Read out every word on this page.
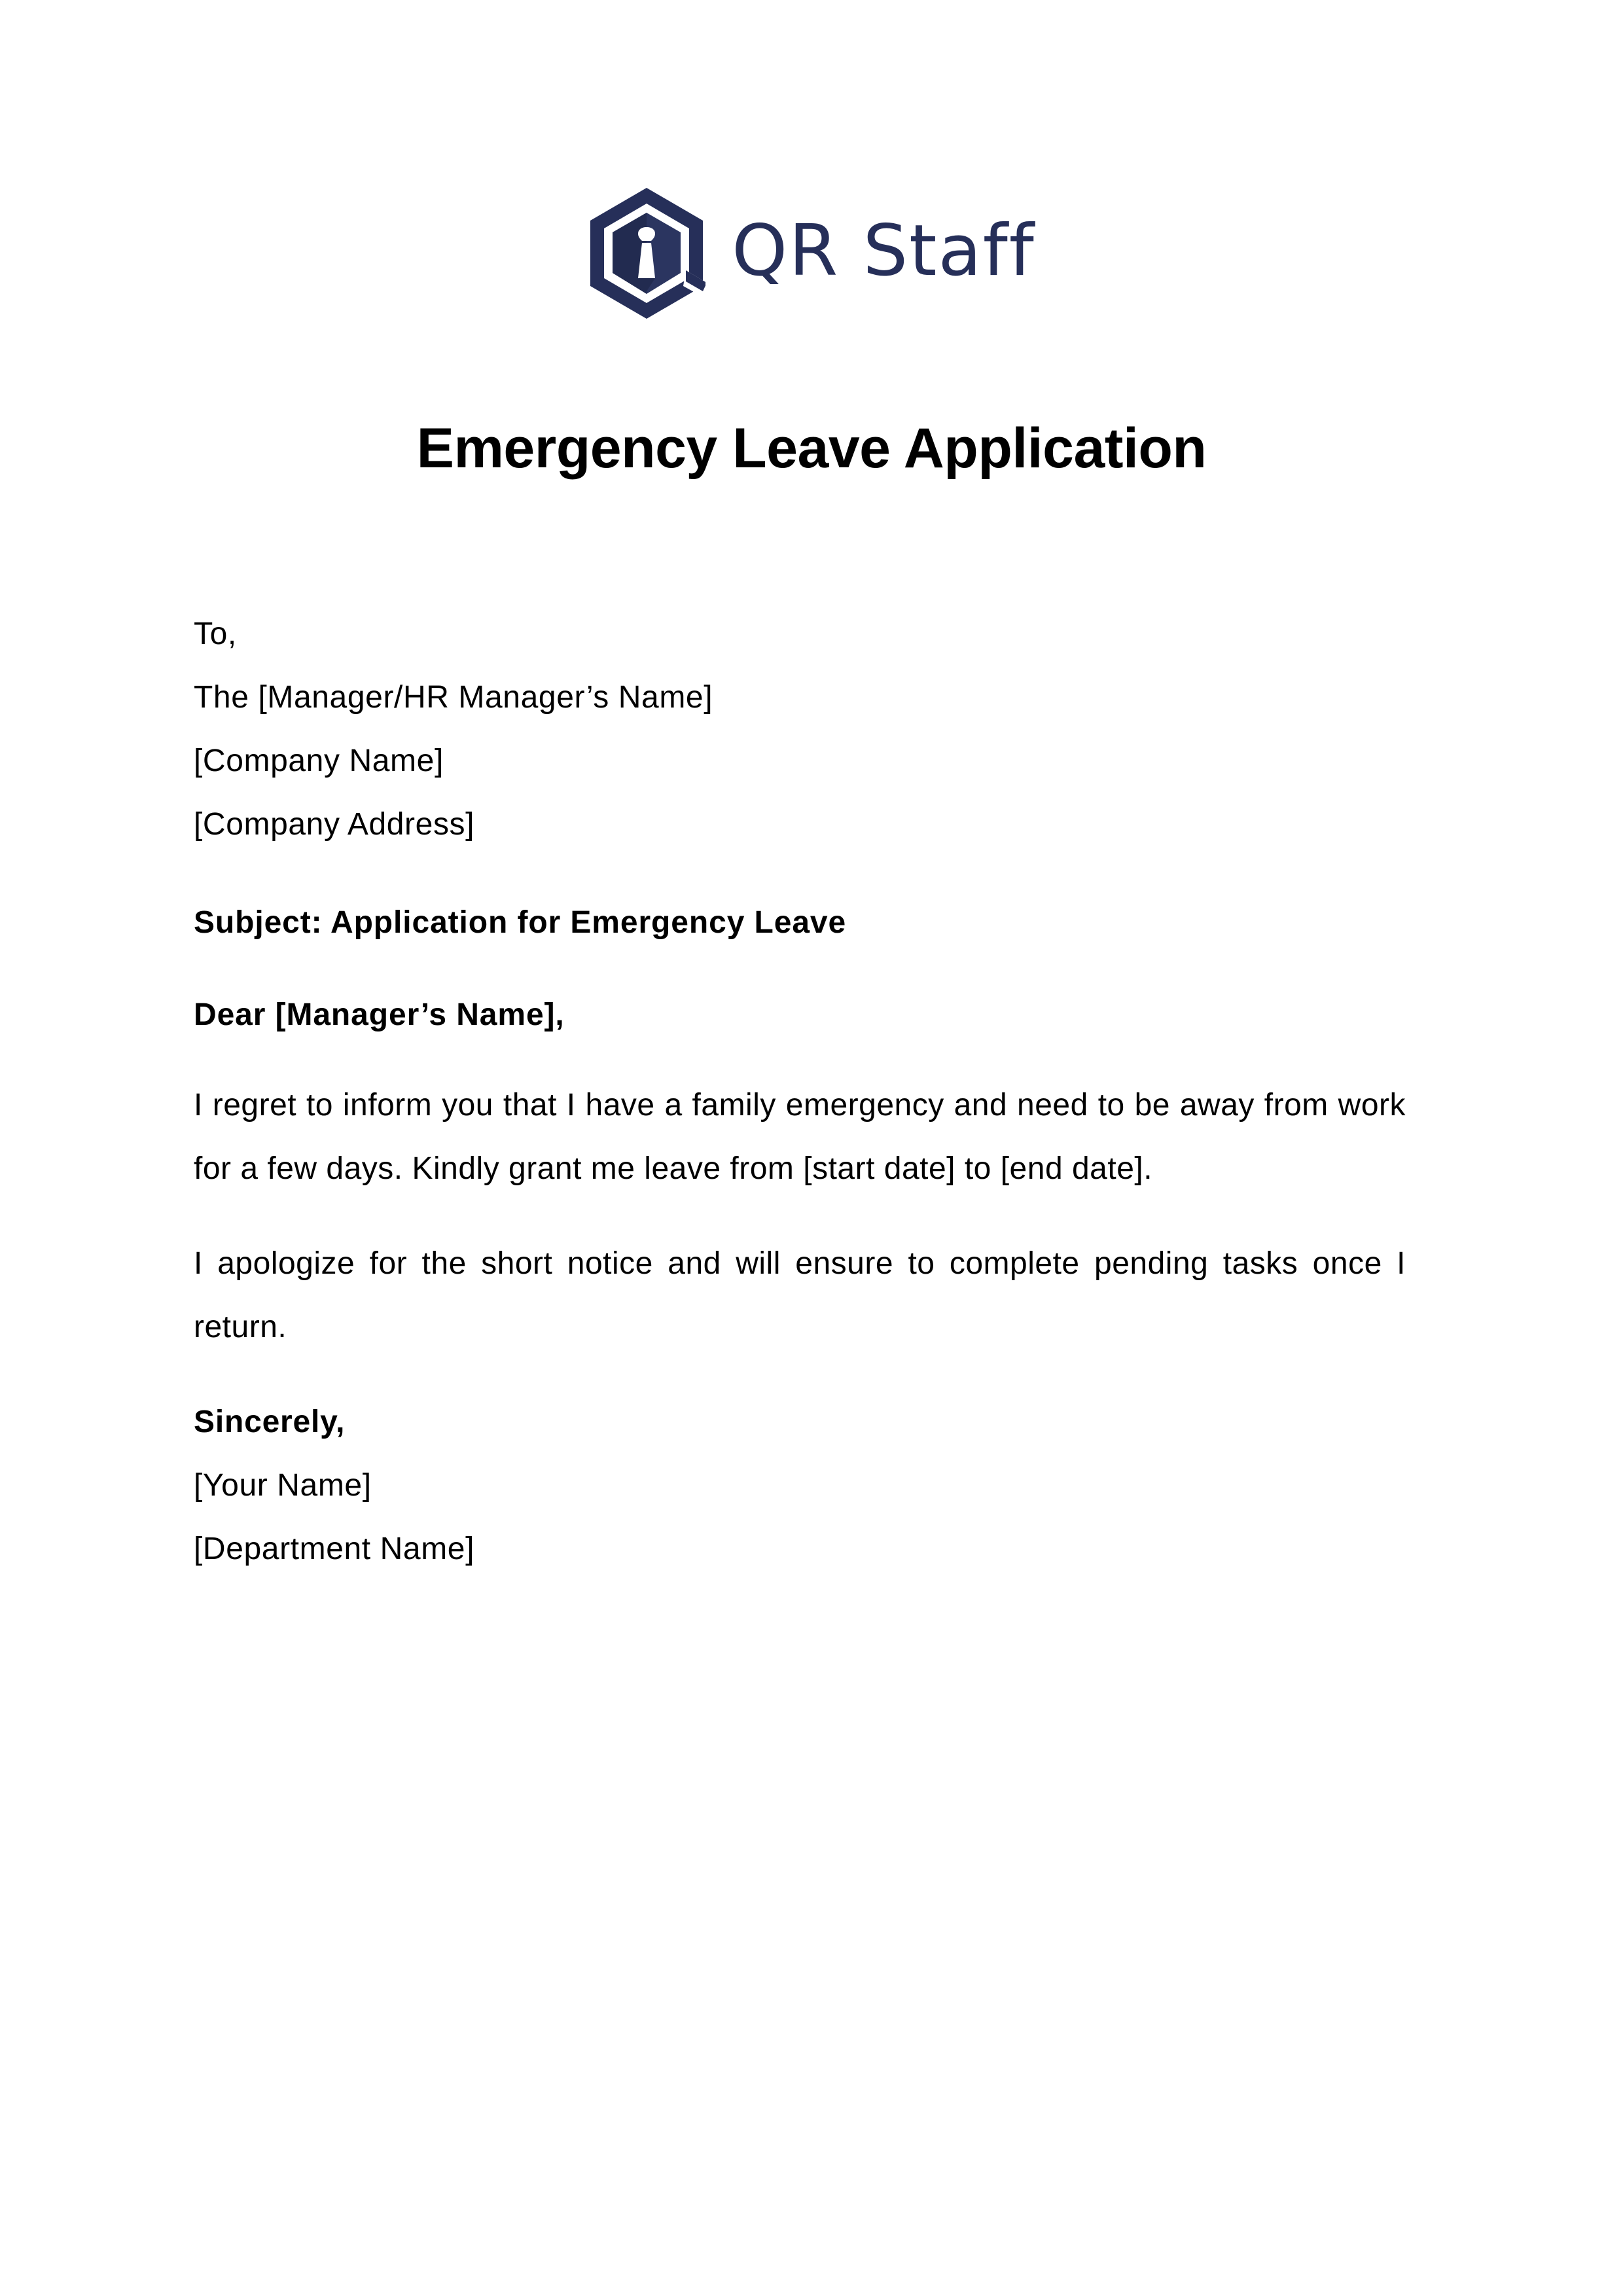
QR Staff
Emergency Leave Application
To,
The [Manager/HR Manager’s Name]
[Company Name]
[Company Address]
Subject: Application for Emergency Leave
Dear [Manager’s Name],

I regret to inform you that I have a family emergency and need to be away from work for a few days. Kindly grant me leave from [start date] to [end date].

I apologize for the short notice and will ensure to complete pending tasks once I return.

Sincerely,
[Your Name]
[Department Name]
